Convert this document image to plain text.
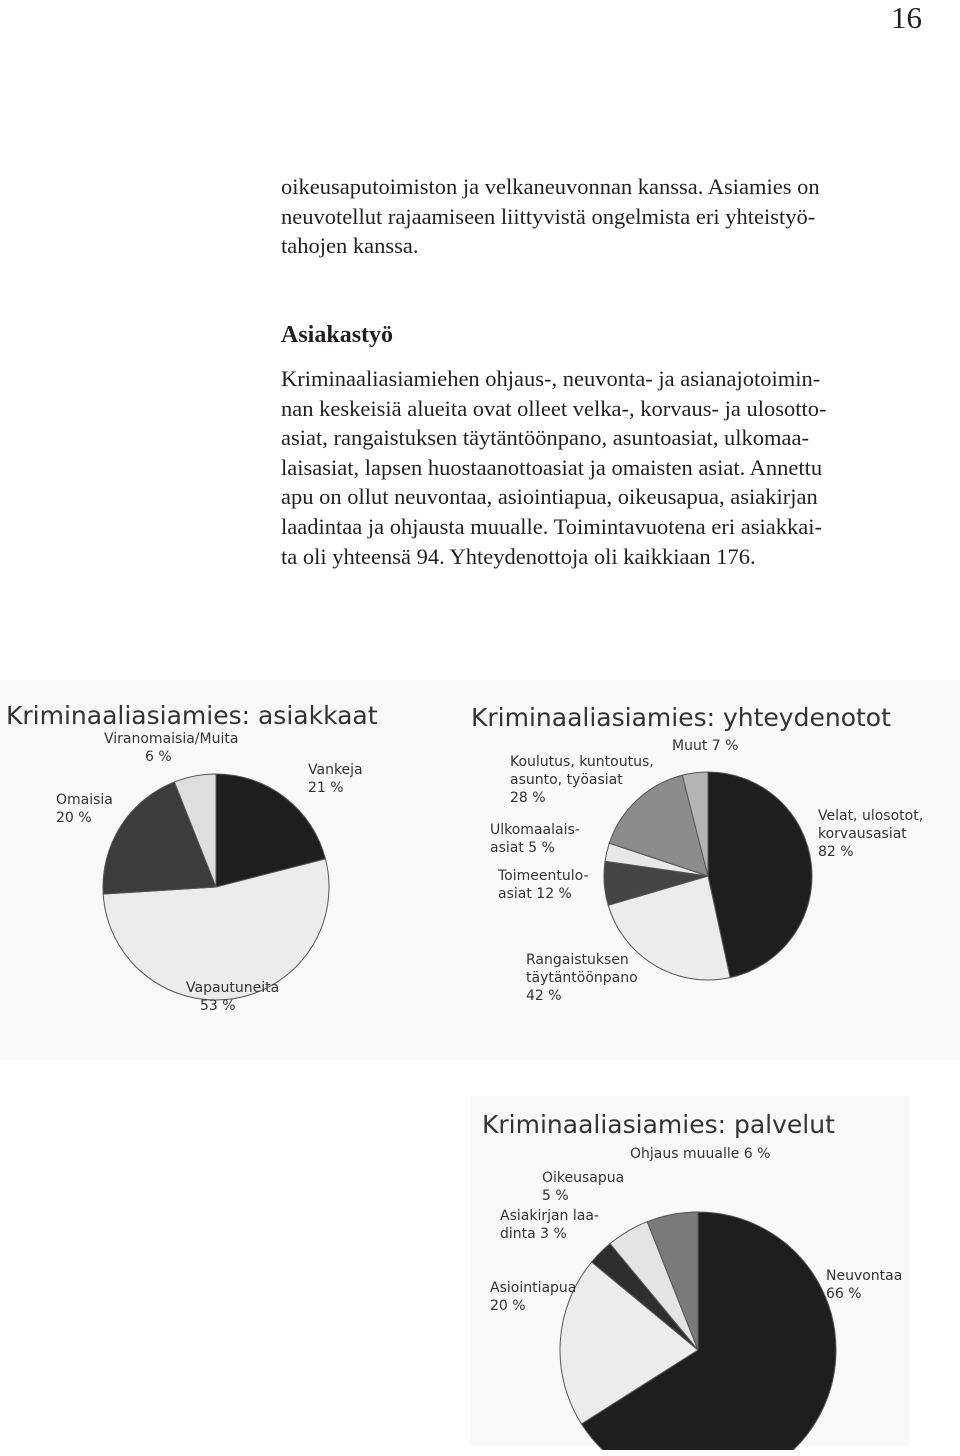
16

oikeusaputoimiston ja velkaneuvonnan kanssa. Asiamies on
neuvotellut rajaamiseen liittyvistä ongelmista eri yhteistyö-
tahojen kanssa.

Asiakastyö

Kriminaaliasiamiehen ohjaus-, neuvonta- ja asianajotoimin-
nan keskeisiä alueita ovat olleet velka-, korvaus- ja ulosotto-
asiat, rangaistuksen täytäntöönpano, asuntoasiat, ulkomaa-
laisasiat, lapsen huostaanottoasiat ja omaisten asiat. Annettu
apu on ollut neuvontaa, asiointiapua, oikeusapua, asiakirjan
laadintaa ja ohjausta muualle. Toimintavuotena eri asiakkai-
ta oli yhteensä 94. Yhteydenottoja oli kaikkiaan 176.

Kriminaaliasiamies: asiakkaat
Vankeja 21 %
Vapautuneita 53 %
Omaisia 20 %
Viranomaisia/Muita 6 %
Kriminaaliasiamies: yhteydenotot
Velat, ulosotot, korvausasiat 82 %
Rangaistuksen täytäntöönpano 42 %
Toimeentulo- asiat 12 %
Ulkomaalais- asiat 5 %
Koulutus, kuntoutus, asunto, työasiat 28 %
Muut 7 %
Kriminaaliasiamies: palvelut
Neuvontaa 66 %
Asiointiapua 20 %
Asiakirjan laa- dinta 3 %
Oikeusapua 5 %
Ohjaus muualle 6 %
